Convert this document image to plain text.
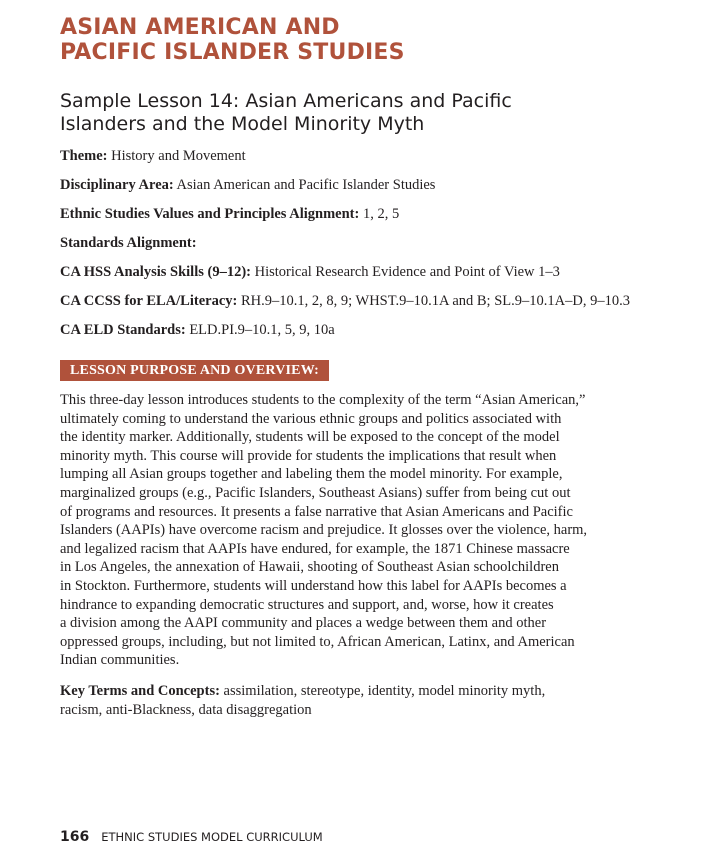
ASIAN AMERICAN AND
PACIFIC ISLANDER STUDIES
Sample Lesson 14: Asian Americans and Pacific
Islanders and the Model Minority Myth
Theme: History and Movement
Disciplinary Area: Asian American and Pacific Islander Studies
Ethnic Studies Values and Principles Alignment: 1, 2, 5
Standards Alignment:
CA HSS Analysis Skills (9–12): Historical Research Evidence and Point of View 1–3
CA CCSS for ELA/Literacy: RH.9–10.1, 2, 8, 9; WHST.9–10.1A and B; SL.9–10.1A–D, 9–10.3
CA ELD Standards: ELD.PI.9–10.1, 5, 9, 10a
LESSON PURPOSE AND OVERVIEW:
This three-day lesson introduces students to the complexity of the term “Asian American,”
ultimately coming to understand the various ethnic groups and politics associated with
the identity marker. Additionally, students will be exposed to the concept of the model
minority myth. This course will provide for students the implications that result when
lumping all Asian groups together and labeling them the model minority. For example,
marginalized groups (e.g., Pacific Islanders, Southeast Asians) suffer from being cut out
of programs and resources. It presents a false narrative that Asian Americans and Pacific
Islanders (AAPIs) have overcome racism and prejudice. It glosses over the violence, harm,
and legalized racism that AAPIs have endured, for example, the 1871 Chinese massacre
in Los Angeles, the annexation of Hawaii, shooting of Southeast Asian schoolchildren
in Stockton. Furthermore, students will understand how this label for AAPIs becomes a
hindrance to expanding democratic structures and support, and, worse, how it creates
a division among the AAPI community and places a wedge between them and other
oppressed groups, including, but not limited to, African American, Latinx, and American
Indian communities.
Key Terms and Concepts: assimilation, stereotype, identity, model minority myth,
racism, anti-Blackness, data disaggregation
166 ETHNIC STUDIES MODEL CURRICULUM
